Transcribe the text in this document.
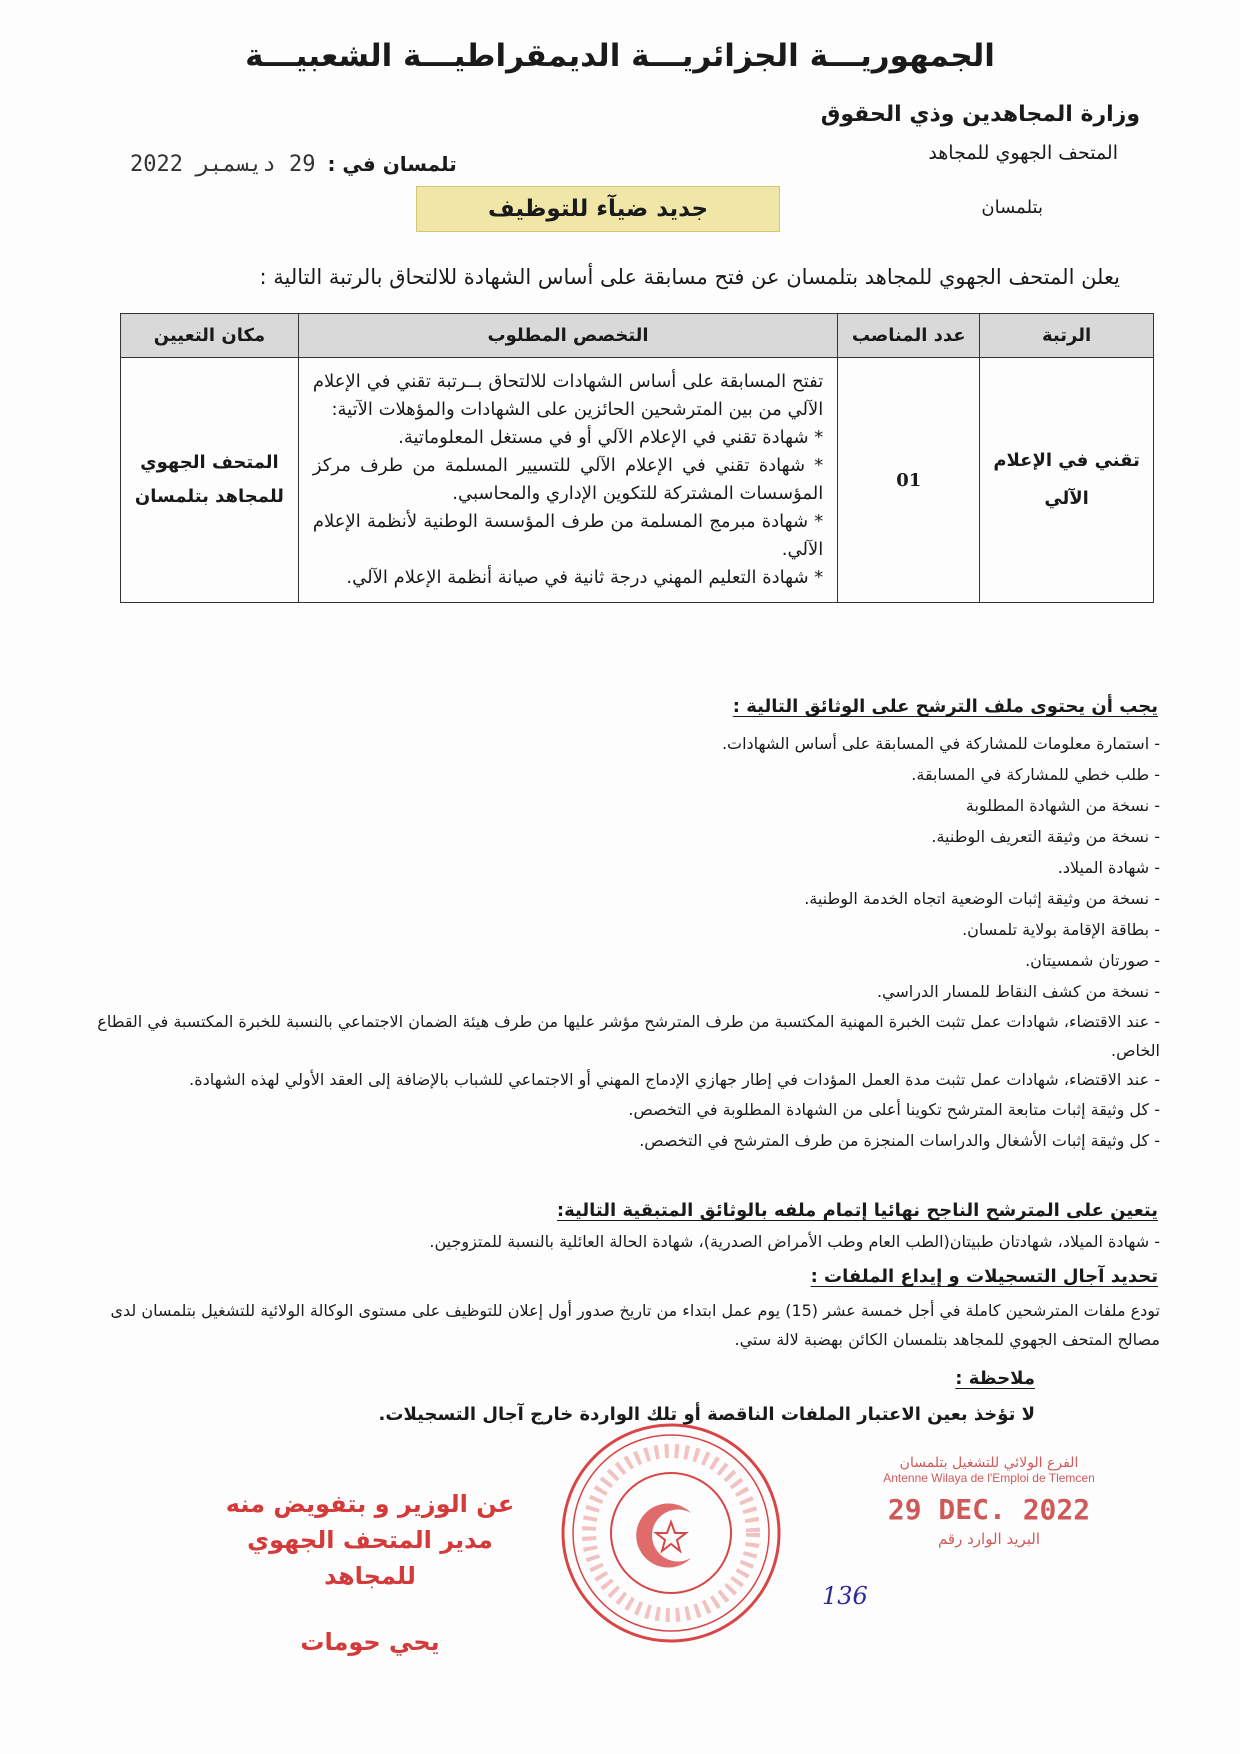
الجمهوريـــة الجزائريـــة الديمقراطيـــة الشعبيـــة
وزارة المجاهدين وذي الحقوق
المتحف الجهوي للمجاهد
بتلمسان
29 ديسمبر 2022 تلمسان في :
جديد ضيآء للتوظيف
يعلن المتحف الجهوي للمجاهد بتلمسان عن فتح مسابقة على أساس الشهادة للالتحاق بالرتبة التالية :
الرتبة	عدد المناصب	التخصص المطلوب	مكان التعيين
تقني في الإعلام الآلي	01	تفتح المسابقة على أساس الشهادات للالتحاق بــرتبة تقني في الإعلام الآلي من بين المترشحين الحائزين على الشهادات والمؤهلات الآتية:

* شهادة تقني في الإعلام الآلي أو في مستغل المعلوماتية.

* شهادة تقني في الإعلام الآلي للتسيير المسلمة من طرف مركز المؤسسات المشتركة للتكوين الإداري والمحاسبي.

* شهادة مبرمج المسلمة من طرف المؤسسة الوطنية لأنظمة الإعلام الآلي.

* شهادة التعليم المهني درجة ثانية في صيانة أنظمة الإعلام الآلي.	المتحف الجهوي للمجاهد بتلمسان
يجب أن يحتوى ملف الترشح على الوثائق التالية :
- استمارة معلومات للمشاركة في المسابقة على أساس الشهادات.
- طلب خطي للمشاركة في المسابقة.
- نسخة من الشهادة المطلوبة
- نسخة من وثيقة التعريف الوطنية.
- شهادة الميلاد.
- نسخة من وثيقة إثبات الوضعية اتجاه الخدمة الوطنية.
- بطاقة الإقامة بولاية تلمسان.
- صورتان شمسيتان.
- نسخة من كشف النقاط للمسار الدراسي.
- عند الاقتضاء، شهادات عمل تثبت الخبرة المهنية المكتسبة من طرف المترشح مؤشر عليها من طرف هيئة الضمان الاجتماعي بالنسبة للخبرة المكتسبة في القطاع الخاص.
- عند الاقتضاء، شهادات عمل تثبت مدة العمل المؤدات في إطار جهازي الإدماج المهني أو الاجتماعي للشباب بالإضافة إلى العقد الأولي لهذه الشهادة.
- كل وثيقة إثبات متابعة المترشح تكوينا أعلى من الشهادة المطلوبة في التخصص.
- كل وثيقة إثبات الأشغال والدراسات المنجزة من طرف المترشح في التخصص.
يتعين على المترشح الناجح نهائيا إتمام ملفه بالوثائق المتبقية التالية:
- شهادة الميلاد، شهادتان طبيتان(الطب العام وطب الأمراض الصدرية)، شهادة الحالة العائلية بالنسبة للمتزوجين.
تحديد آجال التسجيلات و إيداع الملفات :
تودع ملفات المترشحين كاملة في أجل خمسة عشر (15) يوم عمل ابتداء من تاريخ صدور أول إعلان للتوظيف على مستوى الوكالة الولائية للتشغيل بتلمسان لدى مصالح المتحف الجهوي للمجاهد بتلمسان الكائن بهضبة لالة ستي.
ملاحظة :
لا تؤخذ بعين الاعتبار الملفات الناقصة أو تلك الواردة خارج آجال التسجيلات.
عن الوزير و بتفويض منه
مدير المتحف الجهوي للمجاهد
يحي حومات
الفرع الولائي للتشغيل بتلمسان
Antenne Wilaya de l'Emploi de Tlemcen
29 DEC. 2022
البريد الوارد رقم
136
